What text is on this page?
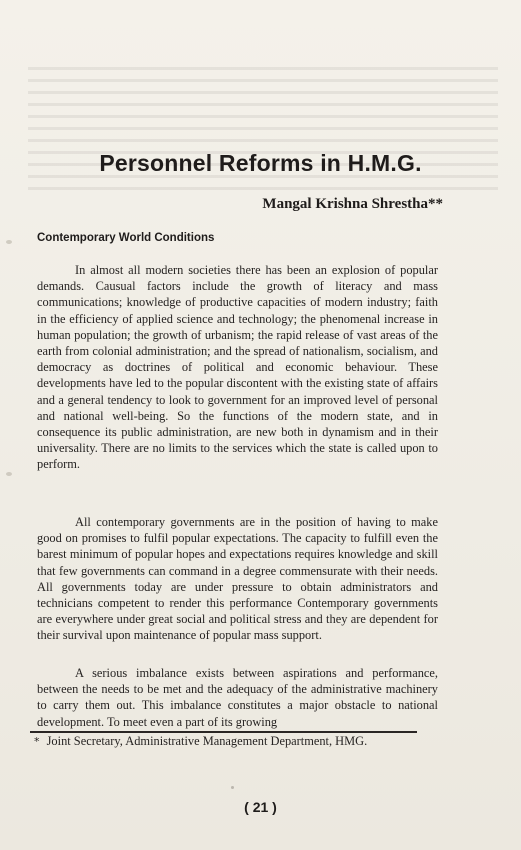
Personnel Reforms in H.M.G.
Mangal Krishna Shrestha**
Contemporary World Conditions

In almost all modern societies there has been an explosion of popular demands. Causual factors include the growth of literacy and mass communications; knowledge of productive capacities of modern industry; faith in the efficiency of applied science and technology; the phenomenal increase in human population; the growth of urbanism; the rapid release of vast areas of the earth from colonial administration; and the spread of nationalism, socialism, and democracy as doctrines of political and economic behaviour. These developments have led to the popular discontent with the existing state of affairs and a general tendency to look to government for an improved level of personal and national well-being. So the functions of the modern state, and in consequence its public administration, are new both in dynamism and in their universality. There are no limits to the services which the state is called upon to perform.

All contemporary governments are in the position of having to make good on promises to fulfil popular expectations. The capacity to fulfill even the barest minimum of popular hopes and expectations requires knowledge and skill that few governments can command in a degree commensurate with their needs. All governments today are under pressure to obtain administrators and technicians competent to render this performance Contemporary governments are everywhere under great social and political stress and they are dependent for their survival upon maintenance of popular mass support.

A serious imbalance exists between aspirations and performance, between the needs to be met and the adequacy of the administrative machinery to carry them out. This imbalance constitutes a major obstacle to national development. To meet even a part of its growing

* Joint Secretary, Administrative Management Department, HMG.
( 21 )
